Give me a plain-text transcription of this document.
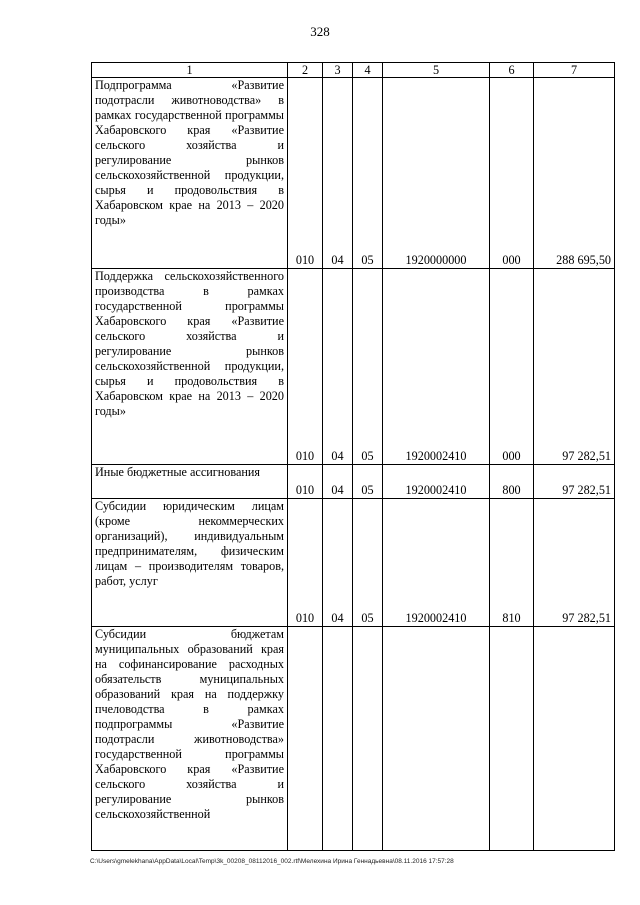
328
1	2	3	4	5	6	7
Подпрограмма «Развитие подотрасли животноводства» в рамках государственной программы Хабаровского края «Развитие сельского хозяйства и регулирование рынков сельскохозяйственной продукции, сырья и продовольствия в Хабаровском крае на 2013 – 2020 годы»	010	04	05	1920000000	000	288 695,50
Поддержка сельскохозяйственного производства в рамках государственной программы Хабаровского края «Развитие сельского хозяйства и регулирование рынков сельскохозяйственной продукции, сырья и продовольствия в Хабаровском крае на 2013 – 2020 годы»	010	04	05	1920002410	000	97 282,51
Иные бюджетные ассигнования	010	04	05	1920002410	800	97 282,51
Субсидии юридическим лицам (кроме некоммерческих организаций), индивидуальным предпринимателям, физическим лицам – производителям товаров, работ, услуг	010	04	05	1920002410	810	97 282,51
Субсидии бюджетам муниципальных образований края на софинансирование расходных обязательств муниципальных образований края на поддержку пчеловодства в рамках подпрограммы «Развитие подотрасли животноводства» государственной программы Хабаровского края «Развитие сельского хозяйства и регулирование рынков сельскохозяйственной						
C:\Users\gmelekhana\AppData\Local\Temp\3k_00208_08112016_002.rtf\Мелехина Ирина Геннадьевна\08.11.2016 17:57:28
